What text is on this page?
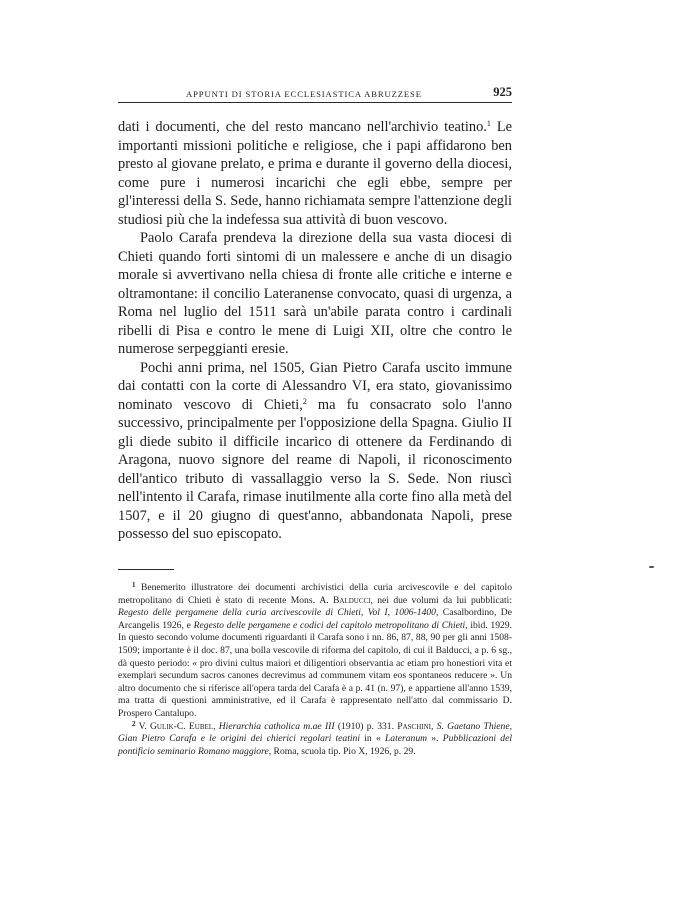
APPUNTI DI STORIA ECCLESIASTICA ABRUZZESE	925

dati i documenti, che del resto mancano nell'archivio teatino.$^1$ Le importanti missioni politiche e religiose, che i papi affidarono ben presto al giovane prelato, e prima e durante il governo della diocesi, come pure i numerosi incarichi che egli ebbe, sempre per gl'interessi della S. Sede, hanno richiamata sempre l'attenzione degli studiosi più che la indefessa sua attività di buon vescovo.

Paolo Carafa prendeva la direzione della sua vasta diocesi di Chieti quando forti sintomi di un malessere e anche di un disagio morale si avvertivano nella chiesa di fronte alle critiche e interne e oltramontane: il concilio Lateranense convocato, quasi di urgenza, a Roma nel luglio del 1511 sarà un'abile parata contro i cardinali ribelli di Pisa e contro le mene di Luigi XII, oltre che contro le numerose serpeggianti eresie.

Pochi anni prima, nel 1505, Gian Pietro Carafa uscito immune dai contatti con la corte di Alessandro VI, era stato, giovanissimo nominato vescovo di Chieti,$^2$ ma fu consacrato solo l'anno successivo, principalmente per l'opposizione della Spagna. Giulio II gli diede subito il difficile incarico di ottenere da Ferdinando di Aragona, nuovo signore del reame di Napoli, il riconoscimento dell'antico tributo di vassallaggio verso la S. Sede. Non riuscì nell'intento il Carafa, rimase inutilmente alla corte fino alla metà del 1507, e il 20 giugno di quest'anno, abbandonata Napoli, prese possesso del suo episcopato.

$^1$ Benemerito illustratore dei documenti archivistici della curia arcivescovile e del capitolo metropolitano di Chieti è stato di recente Mons. A. Balducci, nei due volumi da lui pubblicati: Regesto delle pergamene della curia arcivescovile di Chieti, Vol I, 1006-1400, Casalbordino, De Arcangelis 1926, e Regesto delle pergamene e codici del capitolo metropolitano di Chieti, ibid. 1929. In questo secondo volume documenti riguardanti il Carafa sono i nn. 86, 87, 88, 90 per gli anni 1508-1509; importante è il doc. 87, una bolla vescovile di riforma del capitolo, di cui il Balducci, a p. 6 sg., dà questo periodo: « pro divini cultus maiori et diligentiori observantia ac etiam pro honestiori vita et exemplari secundum sacros canones decrevimus ad communem vitam eos spontaneos reducere ». Un altro documento che si riferisce all'opera tarda del Carafa è a p. 41 (n. 97), e appartiene all'anno 1539, ma tratta di questioni amministrative, ed il Carafa è rappresentato nell'atto dal commissario D. Prospero Cantalupo.

$^2$ V. Gulik-C. Eubel, Hierarchia catholica m.ae III (1910) p. 331. Paschini, S. Gaetano Thiene, Gian Pietro Carafa e le origini dei chierici regolari teatini in « Lateranum ». Pubblicazioni del pontificio seminario Romano maggiore, Roma, scuola tip. Pio X, 1926, p. 29.
